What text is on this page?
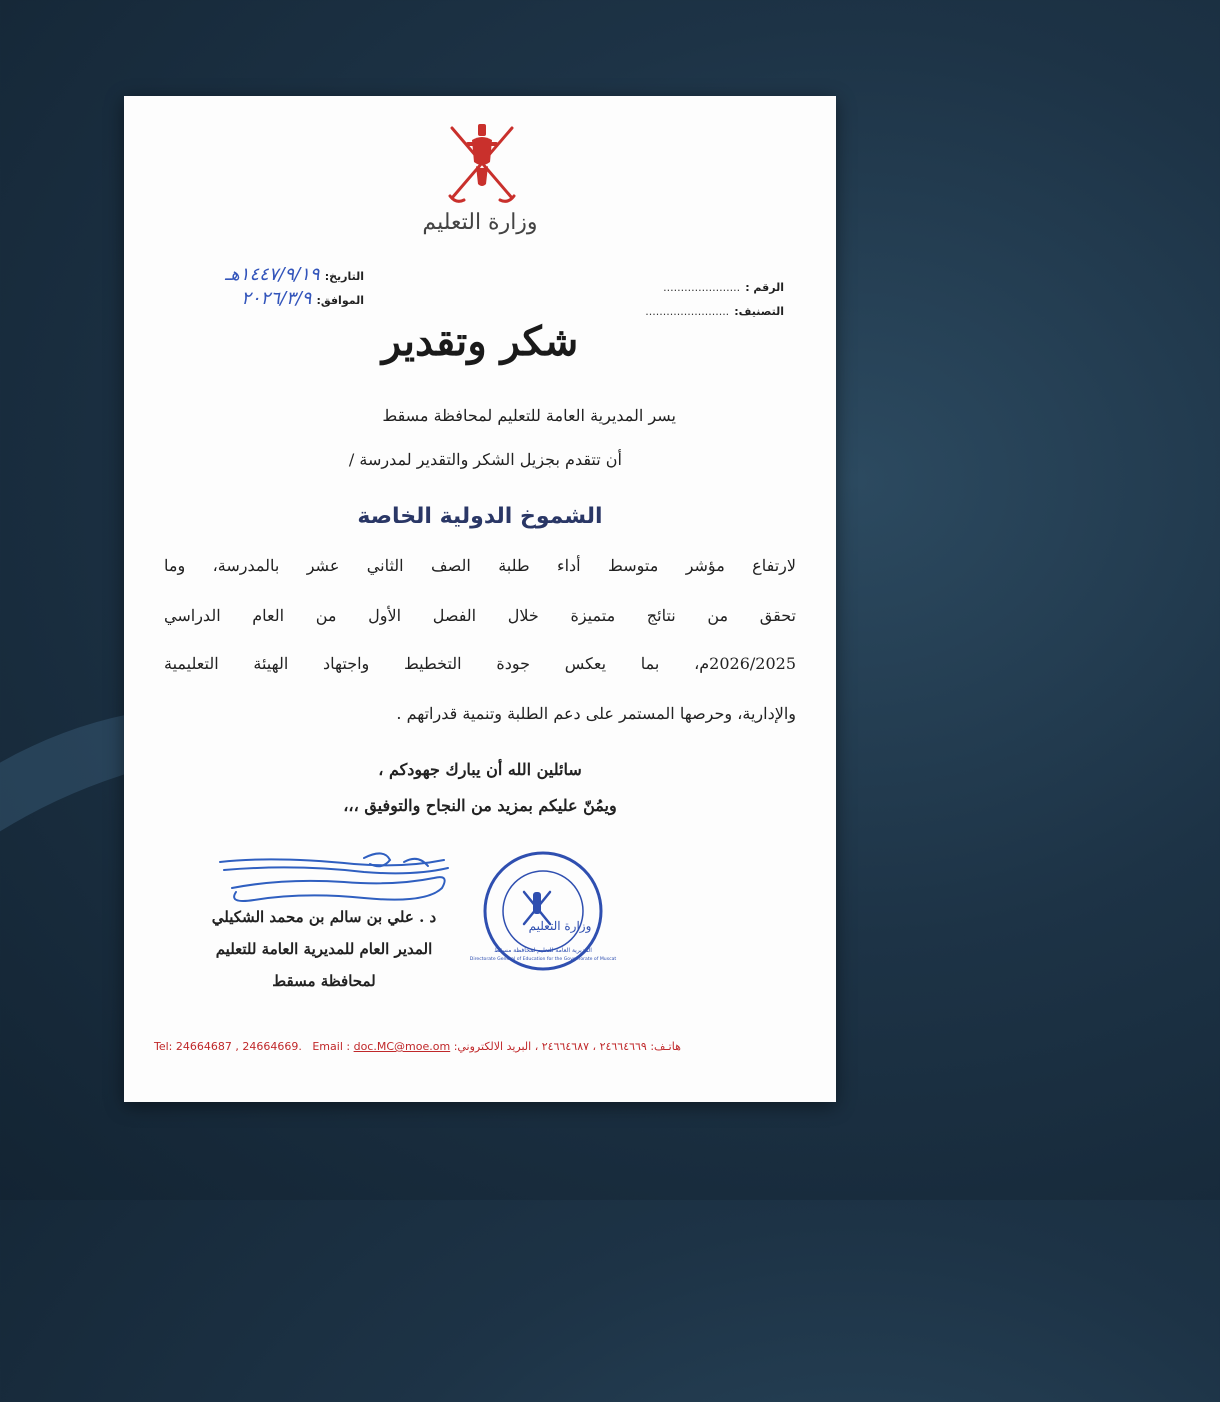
وزارة التعليم
الرقم : ......................
التصنيف: ........................
التاريخ: ١٤٤٧/٩/١٩هـ
الموافق: ٢٠٢٦/٣/٩
شكر وتقدير
يسر المديرية العامة للتعليم لمحافظة مسقط
أن تتقدم بجزيل الشكر والتقدير لمدرسة /
الشموخ الدولية الخاصة
لارتفاع مؤشر متوسط أداء طلبة الصف الثاني عشر بالمدرسة، وما
تحقق من نتائج متميزة خلال الفصل الأول من العام الدراسي
2026/2025م، بما يعكس جودة التخطيط واجتهاد الهيئة التعليمية
والإدارية، وحرصها المستمر على دعم الطلبة وتنمية قدراتهم .
سائلين الله أن يبارك جهودكم ،
ويمُنّ عليكم بمزيد من النجاح والتوفيق ،،،
وزارة التعليم
Directorate General of Education for the Governorate of Muscat
المديرية العامة للتعليم لمحافظة مسقط
د . علي بن سالم بن محمد الشكيلي
المدير العام للمديرية العامة للتعليم
لمحافظة مسقط
Tel: 24664687 , 24664669. Email : doc.MC@moe.om البريد الالكتروني: ٢٤٦٦٤٦٦٩ ، ٢٤٦٦٤٦٨٧ ، هاتـف:
